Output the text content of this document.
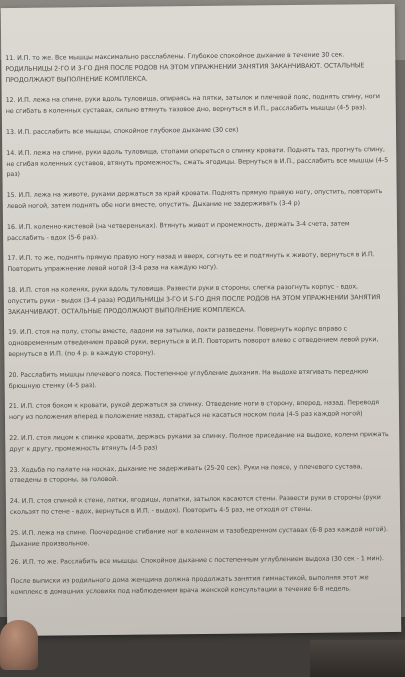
11. И.П. то же. Все мышцы максимально расслаблены. Глубокое спокойное дыхание в течение 30 сек. РОДИЛЬНИЦЫ 2-ГО И 3-ГО ДНЯ ПОСЛЕ РОДОВ НА ЭТОМ УПРАЖНЕНИИ ЗАНЯТИЯ ЗАКАНЧИВАЮТ. ОСТАЛЬНЫЕ ПРОДОЛЖАЮТ ВЫПОЛНЕНИЕ КОМПЛЕКСА.

12. И.П. лежа на спине, руки вдоль туловища, опираясь на пятки, затылок и плечевой пояс, поднять спину, ноги не сгибать в коленных суставах, сильно втянуть тазовое дно, вернуться в И.П., расслабить мышцы (4-5 раз).

13. И.П. расслабить все мышцы, спокойное глубокое дыхание (30 сек)

14. И.П. лежа на спине, руки вдоль туловища, стопами опереться о спинку кровати. Поднять таз, прогнуть спину, не сгибая коленных суставов, втянуть промежность, сжать ягодицы. Вернуться в И.П., расслабить все мышцы (4-5 раз)

15. И.П. лежа на животе, руками держаться за край кровати. Поднять прямую правую ногу, опустить, повторить левой ногой, затем поднять обе ноги вместе, опустить. Дыхание не задерживать (3-4 р)

16. И.П. коленно-кистевой (на четвереньках). Втянуть живот и промежность, держать 3-4 счета, затем расслабить - вдох (5-6 раз).

17. И.П. то же, поднять прямую правую ногу назад и вверх, согнуть ее и подтянуть к животу, вернуться в И.П. Повторить упражнение левой ногой (3-4 раза на каждую ногу).

18. И.П. стоя на коленях, руки вдоль туловища. Развести руки в стороны, слегка разогнуть корпус - вдох, опустить руки - выдох (3-4 раза) РОДИЛЬНИЦЫ 3-ГО И 5-ГО ДНЯ ПОСЛЕ РОДОВ НА ЭТОМ УПРАЖНЕНИИ ЗАНЯТИЯ ЗАКАНЧИВАЮТ. ОСТАЛЬНЫЕ ПРОДОЛЖАЮТ ВЫПОЛНЕНИЕ КОМПЛЕКСА.

19. И.П. стоя на полу, стопы вместе, ладони на затылке, локти разведены. Повернуть корпус вправо с одновременным отведением правой руки, вернуться в И.П. Повторить поворот влево с отведением левой руки, вернуться в И.П. (по 4 р. в каждую сторону).

20. Расслабить мышцы плечевого пояса. Постепенное углубление дыхания. На выдохе втягивать переднюю брюшную стенку (4-5 раз).

21. И.П. стоя боком к кровати, рукой держаться за спинку. Отведение ноги в сторону, вперед, назад. Переводя ногу из положения вперед в положение назад, стараться не касаться носком пола (4-5 раз каждой ногой)

22. И.П. стоя лицом к спинке кровати, держась руками за спинку. Полное приседание на выдохе, колени прижать друг к другу, промежность втянуть (4-5 раз)

23. Ходьба по палате на носках, дыхание не задерживать (25-20 сек). Руки на поясе, у плечевого сустава, отведены в стороны, за головой.

24. И.П. стоя спиной к стене, пятки, ягодицы, лопатки, затылок касаются стены. Развести руки в стороны (руки скользят по стене - вдох, вернуться в И.П. - выдох). Повторить 4-5 раз, не отходя от стены.

25. И.П. лежа на спине. Поочередное сгибание ног в коленном и тазобедренном суставах (6-8 раз каждой ногой). Дыхание произвольное.

26. И.П. то же. Расслабить все мышцы. Спокойное дыхание с постепенным углублением выдоха (30 сек - 1 мин).

После выписки из родильного дома женщина должна продолжать занятия гимнастикой, выполняя этот же комплекс в домашних условиях под наблюдением врача женской консультации в течение 6-8 недель.
